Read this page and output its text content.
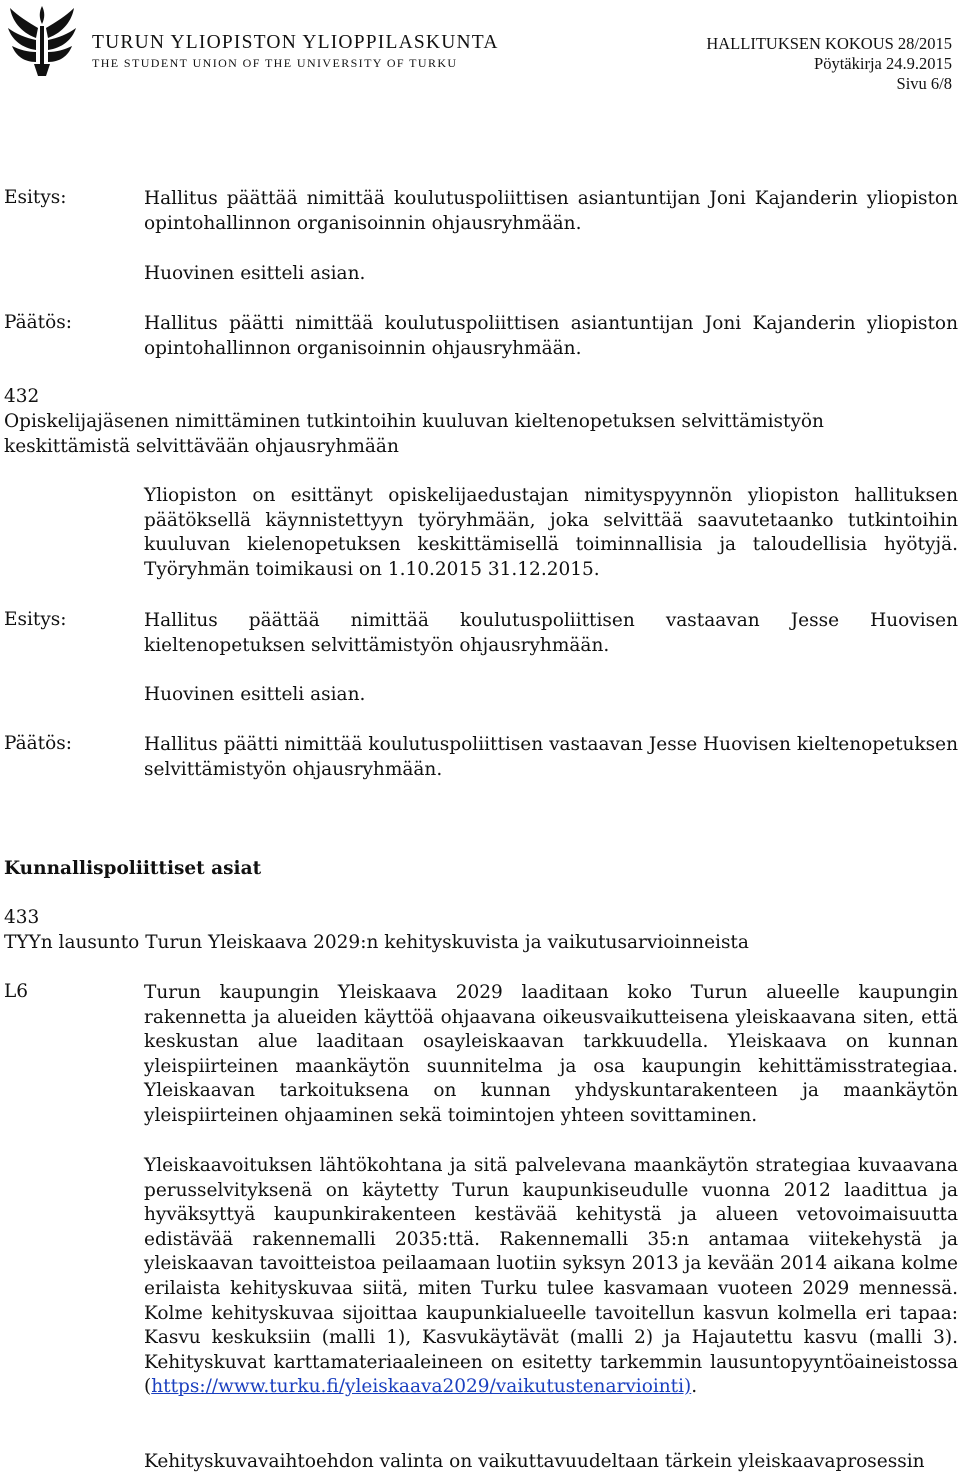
TURUN YLIOPISTON YLIOPPILASKUNTA
THE STUDENT UNION OF THE UNIVERSITY OF TURKU
HALLITUKSEN KOKOUS 28/2015
Pöytäkirja 24.9.2015
Sivu 6/8
Esitys:	Hallitus päättää nimittää koulutuspoliittisen asiantuntijan Joni Kajanderin yliopiston opintohallinnon organisoinnin ohjausryhmään.
Huovinen esitteli asian.
Päätös:	Hallitus päätti nimittää koulutuspoliittisen asiantuntijan Joni Kajanderin yliopiston opintohallinnon organisoinnin ohjausryhmään.
432
Opiskelijajäsenen nimittäminen tutkintoihin kuuluvan kieltenopetuksen selvittämistyön keskittämistä selvittävään ohjausryhmään
Yliopiston on esittänyt opiskelijaedustajan nimityspyynnön yliopiston hallituksen päätöksellä käynnistettyyn työryhmään, joka selvittää saavutetaanko tutkintoihin kuuluvan kielenopetuksen keskittämisellä toiminnallisia ja taloudellisia hyötyjä. Työryhmän toimikausi on 1.10.2015 31.12.2015.
Esitys:	Hallitus päättää nimittää koulutuspoliittisen vastaavan Jesse Huovisen kieltenopetuksen selvittämistyön ohjausryhmään.
Huovinen esitteli asian.
Päätös:	Hallitus päätti nimittää koulutuspoliittisen vastaavan Jesse Huovisen kieltenopetuksen selvittämistyön ohjausryhmään.
Kunnallispoliittiset asiat
433
TYYn lausunto Turun Yleiskaava 2029:n kehityskuvista ja vaikutusarvioinneista
L6	Turun kaupungin Yleiskaava 2029 laaditaan koko Turun alueelle kaupungin rakennetta ja alueiden käyttöä ohjaavana oikeusvaikutteisena yleiskaavana siten, että keskustan alue laaditaan osayleiskaavan tarkkuudella. Yleiskaava on kunnan yleispiirteinen maankäytön suunnitelma ja osa kaupungin kehittämisstrategiaa. Yleiskaavan tarkoituksena on kunnan yhdyskuntarakenteen ja maankäytön yleispiirteinen ohjaaminen sekä toimintojen yhteen sovittaminen.
Yleiskaavoituksen lähtökohtana ja sitä palvelevana maankäytön strategiaa kuvaavana perusselvityksenä on käytetty Turun kaupunkiseudulle vuonna 2012 laadittua ja hyväksyttyä kaupunkirakenteen kestävää kehitystä ja alueen vetovoimaisuutta edistävää rakennemalli 2035:ttä. Rakennemalli 35:n antamaa viitekehystä ja yleiskaavan tavoitteistoa peilaamaan luotiin syksyn 2013 ja kevään 2014 aikana kolme erilaista kehityskuvaa siitä, miten Turku tulee kasvamaan vuoteen 2029 mennessä. Kolme kehityskuvaa sijoittaa kaupunkialueelle tavoitellun kasvun kolmella eri tapaa: Kasvu keskuksiin (malli 1), Kasvukäytävät (malli 2) ja Hajautettu kasvu (malli 3). Kehityskuvat karttamateriaaleineen on esitetty tarkemmin lausuntopyyntöaineistossa (https://www.turku.fi/yleiskaava2029/vaikutustenarviointi).
Kehityskuvavaihtoehdon valinta on vaikuttavuudeltaan tärkein yleiskaavaprosessin
